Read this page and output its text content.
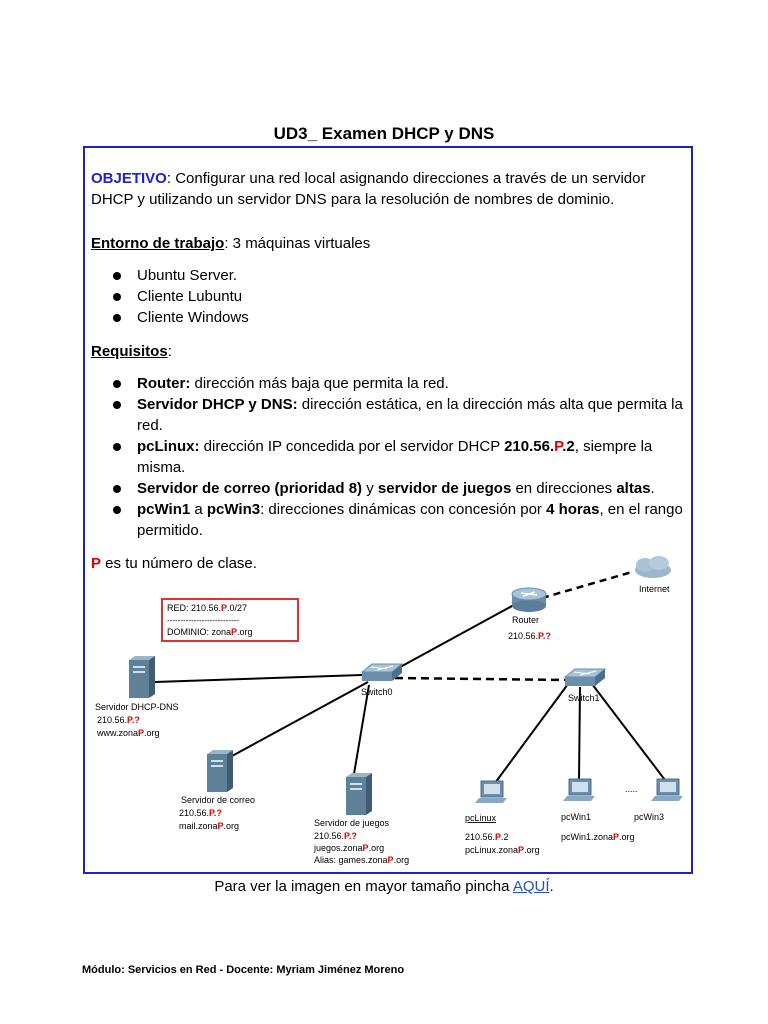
UD3_ Examen DHCP y DNS
OBJETIVO: Configurar una red local asignando direcciones a través de un servidor DHCP y utilizando un servidor DNS para la resolución de nombres de dominio.
Entorno de trabajo: 3 máquinas virtuales
Ubuntu Server.
Cliente Lubuntu
Cliente Windows
Requisitos:
Router: dirección más baja que permita la red.
Servidor DHCP y DNS: dirección estática, en la dirección más alta que permita la red.
pcLinux: dirección IP concedida por el servidor DHCP 210.56.P.2, siempre la misma.
Servidor de correo (prioridad 8) y servidor de juegos en direcciones altas.
pcWin1 a pcWin3: direcciones dinámicas con concesión por 4 horas, en el rango permitido.
P es tu número de clase.
RED: 210.56.P.0/27
---------------------------
DOMINIO: zonaP.org
Internet
Router
210.56.P.?
Switch0
Switch1
Servidor DHCP-DNS
210.56.P.?
www.zonaP.org
Servidor de correo
210.56.P.?
mail.zonaP.org	Servidor de juegos
210.56.P.?
juegos.zonaP.org
Alias: games.zonaP.org
pcLinux
210.56.P.2
pcLinux.zonaP.org
pcWin1
pcWin1.zonaP.org
.....
pcWin3
Para ver la imagen en mayor tamaño pincha AQUÍ.
Módulo: Servicios en Red - Docente: Myriam Jiménez Moreno
